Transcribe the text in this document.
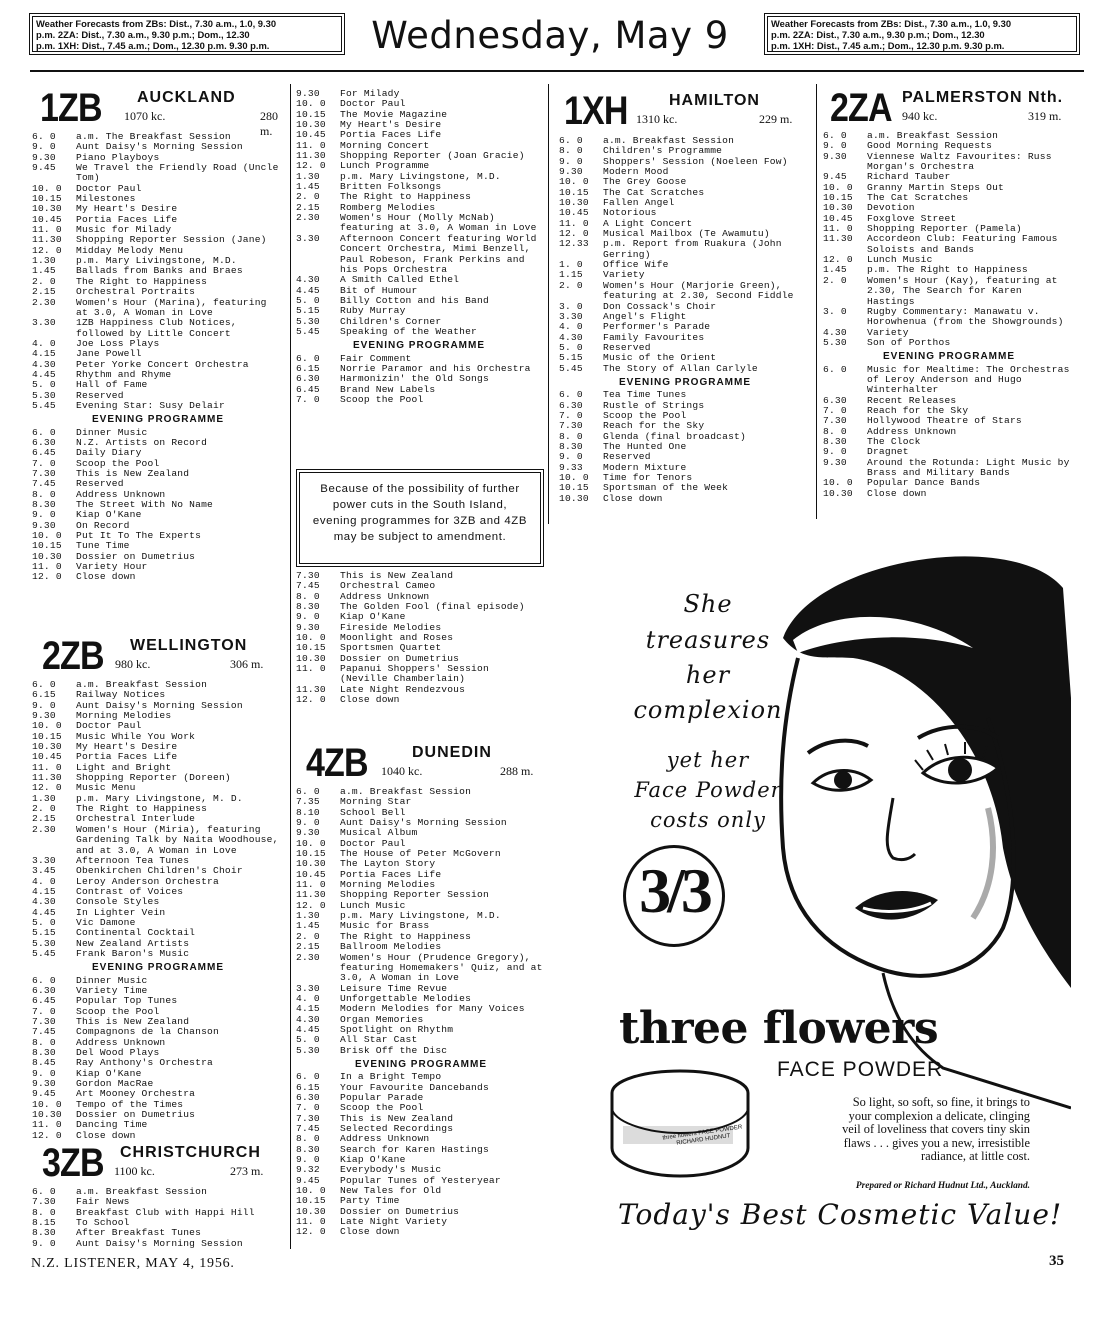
Weather Forecasts from ZBs: Dist., 7.30 a.m., 1.0, 9.30
p.m. 2ZA: Dist., 7.30 a.m., 9.30 p.m.; Dom., 12.30
p.m. 1XH: Dist., 7.45 a.m.; Dom., 12.30 p.m. 9.30 p.m.	Wednesday, May 9	Weather Forecasts from ZBs: Dist., 7.30 a.m., 1.0, 9.30
p.m. 2ZA: Dist., 7.30 a.m., 9.30 p.m.; Dom., 12.30
p.m. 1XH: Dist., 7.45 a.m.; Dom., 12.30 p.m. 9.30 p.m.
1ZB AUCKLAND
1070 kc.	280 m.
6. 0	a.m. The Breakfast Session
9. 0	Aunt Daisy's Morning Session
9.30	Piano Playboys
9.45	We Travel the Friendly Road (Uncle Tom)
10. 0	Doctor Paul
10.15	Milestones
10.30	My Heart's Desire
10.45	Portia Faces Life
11. 0	Music for Milady
11.30	Shopping Reporter Session (Jane)
12. 0	Midday Melody Menu
1.30	p.m. Mary Livingstone, M.D.
1.45	Ballads from Banks and Braes
2. 0	The Right to Happiness
2.15	Orchestral Portraits
2.30	Women's Hour (Marina), featuring at 3.0, A Woman in Love
3.30	1ZB Happiness Club Notices, followed by Little Concert
4. 0	Joe Loss Plays
4.15	Jane Powell
4.30	Peter Yorke Concert Orchestra
4.45	Rhythm and Rhyme
5. 0	Hall of Fame
5.30	Reserved
5.45	Evening Star: Susy Delair
EVENING PROGRAMME
6. 0	Dinner Music
6.30	N.Z. Artists on Record
6.45	Daily Diary
7. 0	Scoop the Pool
7.30	This is New Zealand
7.45	Reserved
8. 0	Address Unknown
8.30	The Street With No Name
9. 0	Kiap O'Kane
9.30	On Record
10. 0	Put It To The Experts
10.15	Tune Time
10.30	Dossier on Dumetrius
11. 0	Variety Hour
12. 0	Close down
2ZB WELLINGTON
980 kc.	306 m.
6. 0	a.m. Breakfast Session
6.15	Railway Notices
9. 0	Aunt Daisy's Morning Session
9.30	Morning Melodies
10. 0	Doctor Paul
10.15	Music While You Work
10.30	My Heart's Desire
10.45	Portia Faces Life
11. 0	Light and Bright
11.30	Shopping Reporter (Doreen)
12. 0	Music Menu
1.30	p.m. Mary Livingstone, M. D.
2. 0	The Right to Happiness
2.15	Orchestral Interlude
2.30	Women's Hour (Miria), featuring Gardening Talk by Naita Woodhouse, and at 3.0, A Woman in Love
3.30	Afternoon Tea Tunes
3.45	Obenkirchen Children's Choir
4. 0	Leroy Anderson Orchestra
4.15	Contrast of Voices
4.30	Console Styles
4.45	In Lighter Vein
5. 0	Vic Damone
5.15	Continental Cocktail
5.30	New Zealand Artists
5.45	Frank Baron's Music
EVENING PROGRAMME
6. 0	Dinner Music
6.30	Variety Time
6.45	Popular Top Tunes
7. 0	Scoop the Pool
7.30	This is New Zealand
7.45	Compagnons de la Chanson
8. 0	Address Unknown
8.30	Del Wood Plays
8.45	Ray Anthony's Orchestra
9. 0	Kiap O'Kane
9.30	Gordon MacRae
9.45	Art Mooney Orchestra
10. 0	Tempo of the Times
10.30	Dossier on Dumetrius
11. 0	Dancing Time
12. 0	Close down
3ZB CHRISTCHURCH
1100 kc.	273 m.
6. 0	a.m. Breakfast Session
7.30	Fair News
8. 0	Breakfast Club with Happi Hill
8.15	To School
8.30	After Breakfast Tunes
9. 0	Aunt Daisy's Morning Session
9.30	For Milady
10. 0	Doctor Paul
10.15	The Movie Magazine
10.30	My Heart's Desire
10.45	Portia Faces Life
11. 0	Morning Concert
11.30	Shopping Reporter (Joan Gracie)
12. 0	Lunch Programme
1.30	p.m. Mary Livingstone, M.D.
1.45	Britten Folksongs
2. 0	The Right to Happiness
2.15	Romberg Melodies
2.30	Women's Hour (Molly McNab) featuring at 3.0, A Woman in Love
3.30	Afternoon Concert featuring World Concert Orchestra, Mimi Benzell, Paul Robeson, Frank Perkins and his Pops Orchestra
4.30	A Smith Called Ethel
4.45	Bit of Humour
5. 0	Billy Cotton and his Band
5.15	Ruby Murray
5.30	Children's Corner
5.45	Speaking of the Weather
EVENING PROGRAMME
6. 0	Fair Comment
6.15	Norrie Paramor and his Orchestra
6.30	Harmonizin' the Old Songs
6.45	Brand New Labels
7. 0	Scoop the Pool
Because of the possibility of further power cuts in the South Island, evening programmes for 3ZB and 4ZB may be subject to amendment.
7.30	This is New Zealand
7.45	Orchestral Cameo
8. 0	Address Unknown
8.30	The Golden Fool (final episode)
9. 0	Kiap O'Kane
9.30	Fireside Melodies
10. 0	Moonlight and Roses
10.15	Sportsmen Quartet
10.30	Dossier on Dumetrius
11. 0	Papanui Shoppers' Session (Neville Chamberlain)
11.30	Late Night Rendezvous
12. 0	Close down
4ZB	DUNEDIN
1040 kc.	288 m.
6. 0	a.m. Breakfast Session
7.35	Morning Star
8.10	School Bell
9. 0	Aunt Daisy's Morning Session
9.30	Musical Album
10. 0	Doctor Paul
10.15	The House of Peter McGovern
10.30	The Layton Story
10.45	Portia Faces Life
11. 0	Morning Melodies
11.30	Shopping Reporter Session
12. 0	Lunch Music
1.30	p.m. Mary Livingstone, M.D.
1.45	Music for Brass
2. 0	The Right to Happiness
2.15	Ballroom Melodies
2.30	Women's Hour (Prudence Gregory), featuring Homemakers' Quiz, and at 3.0, A Woman in Love
3.30	Leisure Time Revue
4. 0	Unforgettable Melodies
4.15	Modern Melodies for Many Voices
4.30	Organ Memories
4.45	Spotlight on Rhythm
5. 0	All Star Cast
5.30	Brisk Off the Disc
EVENING PROGRAMME
6. 0	In a Bright Tempo
6.15	Your Favourite Dancebands
6.30	Popular Parade
7. 0	Scoop the Pool
7.30	This is New Zealand
7.45	Selected Recordings
8. 0	Address Unknown
8.30	Search for Karen Hastings
9. 0	Kiap O'Kane
9.32	Everybody's Music
9.45	Popular Tunes of Yesteryear
10. 0	New Tales for Old
10.15	Party Time
10.30	Dossier on Dumetrius
11. 0	Late Night Variety
12. 0	Close down
1XH	HAMILTON
1310 kc.	229 m.
6. 0	a.m. Breakfast Session
8. 0	Children's Programme
9. 0	Shoppers' Session (Noeleen Fow)
9.30	Modern Mood
10. 0	The Grey Goose
10.15	The Cat Scratches
10.30	Fallen Angel
10.45	Notorious
11. 0	A Light Concert
12. 0	Musical Mailbox (Te Awamutu)
12.33	p.m. Report from Ruakura (John Gerring)
1. 0	Office Wife
1.15	Variety
2. 0	Women's Hour (Marjorie Green), featuring at 2.30, Second Fiddle
3. 0	Don Cossack's Choir
3.30	Angel's Flight
4. 0	Performer's Parade
4.30	Family Favourites
5. 0	Reserved
5.15	Music of the Orient
5.45	The Story of Allan Carlyle
EVENING PROGRAMME
6. 0	Tea Time Tunes
6.30	Rustle of Strings
7. 0	Scoop the Pool
7.30	Reach for the Sky
8. 0	Glenda (final broadcast)
8.30	The Hunted One
9. 0	Reserved
9.33	Modern Mixture
10. 0	Time for Tenors
10.15	Sportsman of the Week
10.30	Close down
2ZA PALMERSTON Nth.
940 kc.	319 m.
6. 0	a.m. Breakfast Session
9. 0	Good Morning Requests
9.30	Viennese Waltz Favourites: Russ Morgan's Orchestra
9.45	Richard Tauber
10. 0	Granny Martin Steps Out
10.15	The Cat Scratches
10.30	Devotion
10.45	Foxglove Street
11. 0	Shopping Reporter (Pamela)
11.30	Accordeon Club: Featuring Famous Soloists and Bands
12. 0	Lunch Music
1.45	p.m. The Right to Happiness
2. 0	Women's Hour (Kay), featuring at 2.30, The Search for Karen Hastings
3. 0	Rugby Commentary: Manawatu v. Horowhenua (from the Showgrounds)
4.30	Variety
5.30	Son of Porthos
EVENING PROGRAMME
6. 0	Music for Mealtime: The Orchestras of Leroy Anderson and Hugo Winterhalter
6.30	Recent Releases
7. 0	Reach for the Sky
7.30	Hollywood Theatre of Stars
8. 0	Address Unknown
8.30	The Clock
9. 0	Dragnet
9.30	Around the Rotunda: Light Music by Brass and Military Bands
10. 0	Popular Dance Bands
10.30	Close down
She
treasures
her
complexion
yet her
Face Powder
costs only
three flowers FACE POWDER RICHARD HUDNUT
3/3
three flowers
FACE POWDER
So light, so soft, so fine, it brings to your complexion a delicate, clinging veil of loveliness that covers tiny skin flaws . . . gives you a new, irresistible radiance, at little cost.
Prepared or Richard Hudnut Ltd., Auckland.
Today's Best Cosmetic Value!
N.Z. LISTENER, MAY 4, 1956.	35
